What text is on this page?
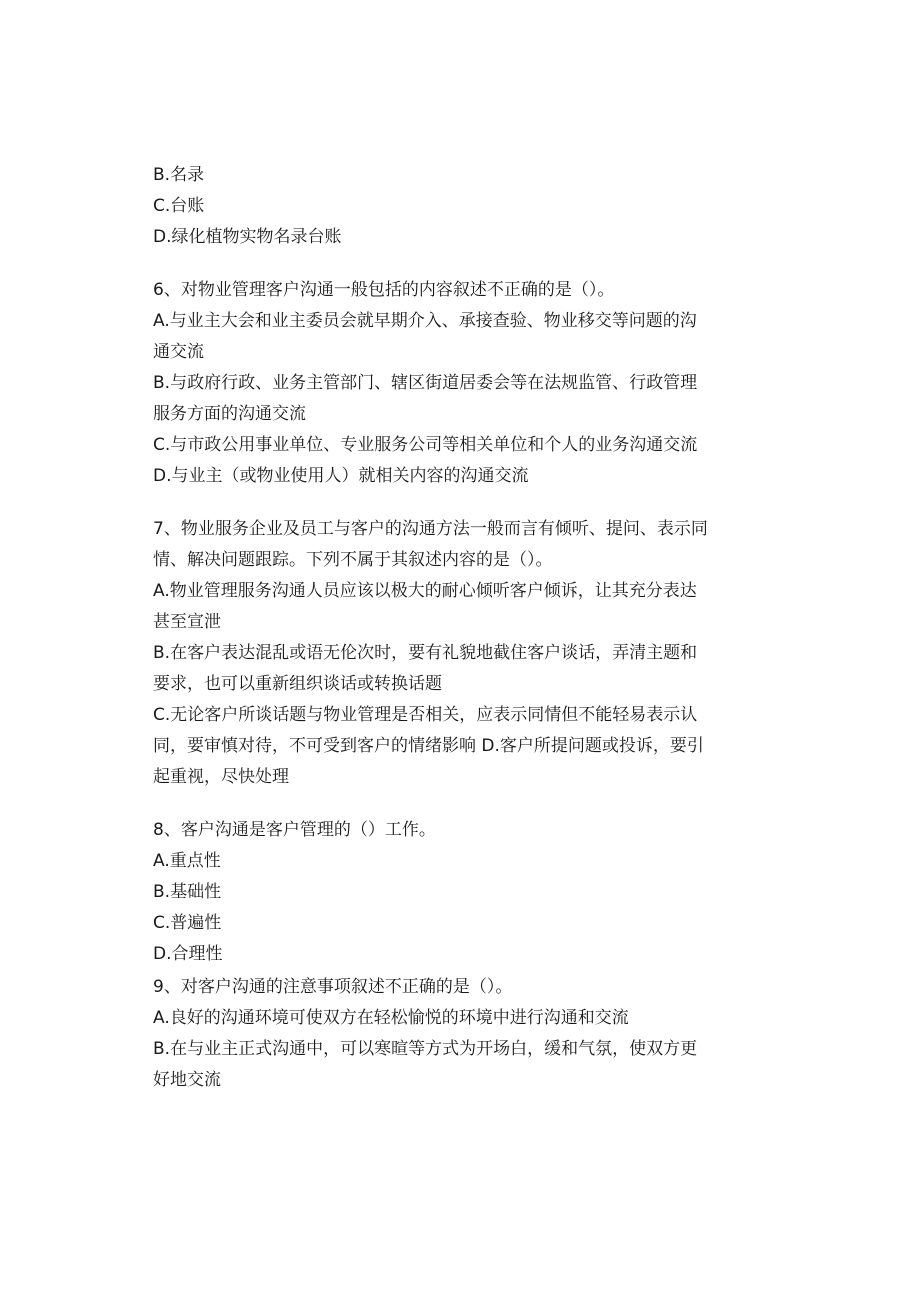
B.名录
C.台账
D.绿化植物实物名录台账
6、对物业管理客户沟通一般包括的内容叙述不正确的是（）。
A.与业主大会和业主委员会就早期介入、承接查验、物业移交等问题的沟
通交流
B.与政府行政、业务主管部门、辖区街道居委会等在法规监管、行政管理
服务方面的沟通交流
C.与市政公用事业单位、专业服务公司等相关单位和个人的业务沟通交流
D.与业主（或物业使用人）就相关内容的沟通交流
7、物业服务企业及员工与客户的沟通方法一般而言有倾听、提问、表示同
情、解决问题跟踪。下列不属于其叙述内容的是（）。
A.物业管理服务沟通人员应该以极大的耐心倾听客户倾诉，让其充分表达
甚至宣泄
B.在客户表达混乱或语无伦次时，要有礼貌地截住客户谈话，弄清主题和
要求，也可以重新组织谈话或转换话题
C.无论客户所谈话题与物业管理是否相关，应表示同情但不能轻易表示认
同，要审慎对待，不可受到客户的情绪影响 D.客户所提问题或投诉，要引
起重视，尽快处理
8、客户沟通是客户管理的（）工作。
A.重点性
B.基础性
C.普遍性
D.合理性
9、对客户沟通的注意事项叙述不正确的是（）。
A.良好的沟通环境可使双方在轻松愉悦的环境中进行沟通和交流
B.在与业主正式沟通中，可以寒暄等方式为开场白，缓和气氛，使双方更
好地交流
